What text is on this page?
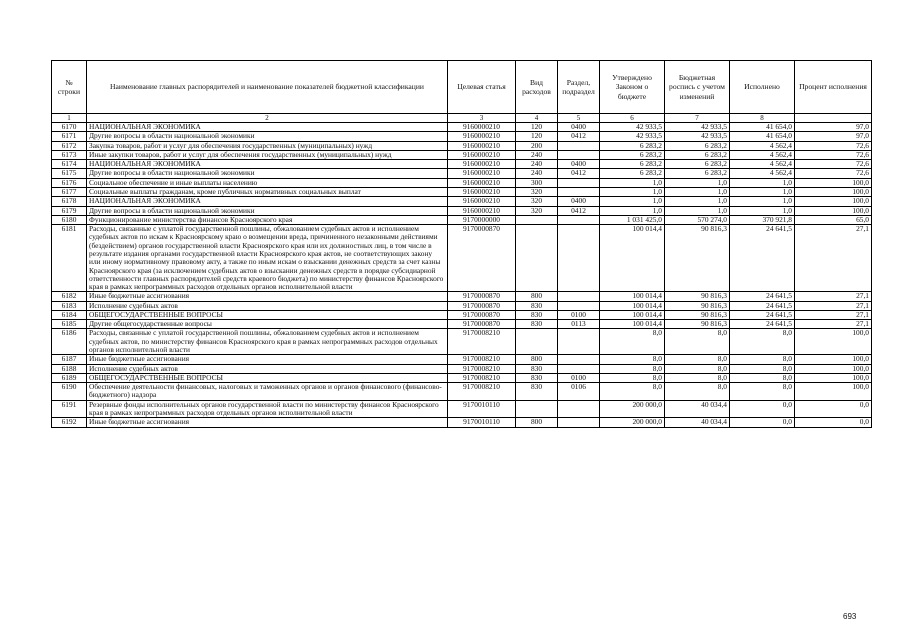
№ строки	Наименование главных распорядителей и наименование показателей бюджетной классификации	Целевая статья	Вид расходов	Раздел, подраздел	Утверждено Законом о бюджете	Бюджетная роспись с учетом изменений	Исполнено	Процент исполнения
1	2	3	4	5	6	7	8	
6170	НАЦИОНАЛЬНАЯ ЭКОНОМИКА	9160000210	120	0400	42 933,5	42 933,5	41 654,0	97,0
6171	Другие вопросы в области национальной экономики	9160000210	120	0412	42 933,5	42 933,5	41 654,0	97,0
6172	Закупка товаров, работ и услуг для обеспечения государственных (муниципальных) нужд	9160000210	200		6 283,2	6 283,2	4 562,4	72,6
6173	Иные закупки товаров, работ и услуг для обеспечения государственных (муниципальных) нужд	9160000210	240		6 283,2	6 283,2	4 562,4	72,6
6174	НАЦИОНАЛЬНАЯ ЭКОНОМИКА	9160000210	240	0400	6 283,2	6 283,2	4 562,4	72,6
6175	Другие вопросы в области национальной экономики	9160000210	240	0412	6 283,2	6 283,2	4 562,4	72,6
6176	Социальное обеспечение и иные выплаты населению	9160000210	300		1,0	1,0	1,0	100,0
6177	Социальные выплаты гражданам, кроме публичных нормативных социальных выплат	9160000210	320		1,0	1,0	1,0	100,0
6178	НАЦИОНАЛЬНАЯ ЭКОНОМИКА	9160000210	320	0400	1,0	1,0	1,0	100,0
6179	Другие вопросы в области национальной экономики	9160000210	320	0412	1,0	1,0	1,0	100,0
6180	Функционирование министерства финансов Красноярского края	9170000000			1 031 425,0	570 274,0	370 921,8	65,0
6181	Расходы, связанные с уплатой государственной пошлины, обжалованием судебных актов и исполнением судебных актов по искам к Красноярскому краю о возмещении вреда, причиненного незаконными действиями (бездействием) органов государственной власти Красноярского края или их должностных лиц, в том числе в результате издания органами государственной власти Красноярского края актов, не соответствующих закону или иному нормативному правовому акту, а также по иным искам о взыскании денежных средств за счет казны Красноярского края (за исключением судебных актов о взыскании денежных средств в порядке субсидиарной ответственности главных распорядителей средств краевого бюджета) по министерству финансов Красноярского края в рамках непрограммных расходов отдельных органов исполнительной власти	9170000870			100 014,4	90 816,3	24 641,5	27,1
6182	Иные бюджетные ассигнования	9170000870	800		100 014,4	90 816,3	24 641,5	27,1
6183	Исполнение судебных актов	9170000870	830		100 014,4	90 816,3	24 641,5	27,1
6184	ОБЩЕГОСУДАРСТВЕННЫЕ ВОПРОСЫ	9170000870	830	0100	100 014,4	90 816,3	24 641,5	27,1
6185	Другие общегосударственные вопросы	9170000870	830	0113	100 014,4	90 816,3	24 641,5	27,1
6186	Расходы, связанные с уплатой государственной пошлины, обжалованием судебных актов и исполнением судебных актов, по министерству финансов Красноярского края в рамках непрограммных расходов отдельных органов исполнительной власти	9170008210			8,0	8,0	8,0	100,0
6187	Иные бюджетные ассигнования	9170008210	800		8,0	8,0	8,0	100,0
6188	Исполнение судебных актов	9170008210	830		8,0	8,0	8,0	100,0
6189	ОБЩЕГОСУДАРСТВЕННЫЕ ВОПРОСЫ	9170008210	830	0100	8,0	8,0	8,0	100,0
6190	Обеспечение деятельности финансовых, налоговых и таможенных органов и органов финансового (финансово-бюджетного) надзора	9170008210	830	0106	8,0	8,0	8,0	100,0
6191	Резервные фонды исполнительных органов государственной власти по министерству финансов Красноярского края в рамках непрограммных расходов отдельных органов исполнительной власти	9170010110			200 000,0	40 034,4	0,0	0,0
6192	Иные бюджетные ассигнования	9170010110	800		200 000,0	40 034,4	0,0	0,0
693
